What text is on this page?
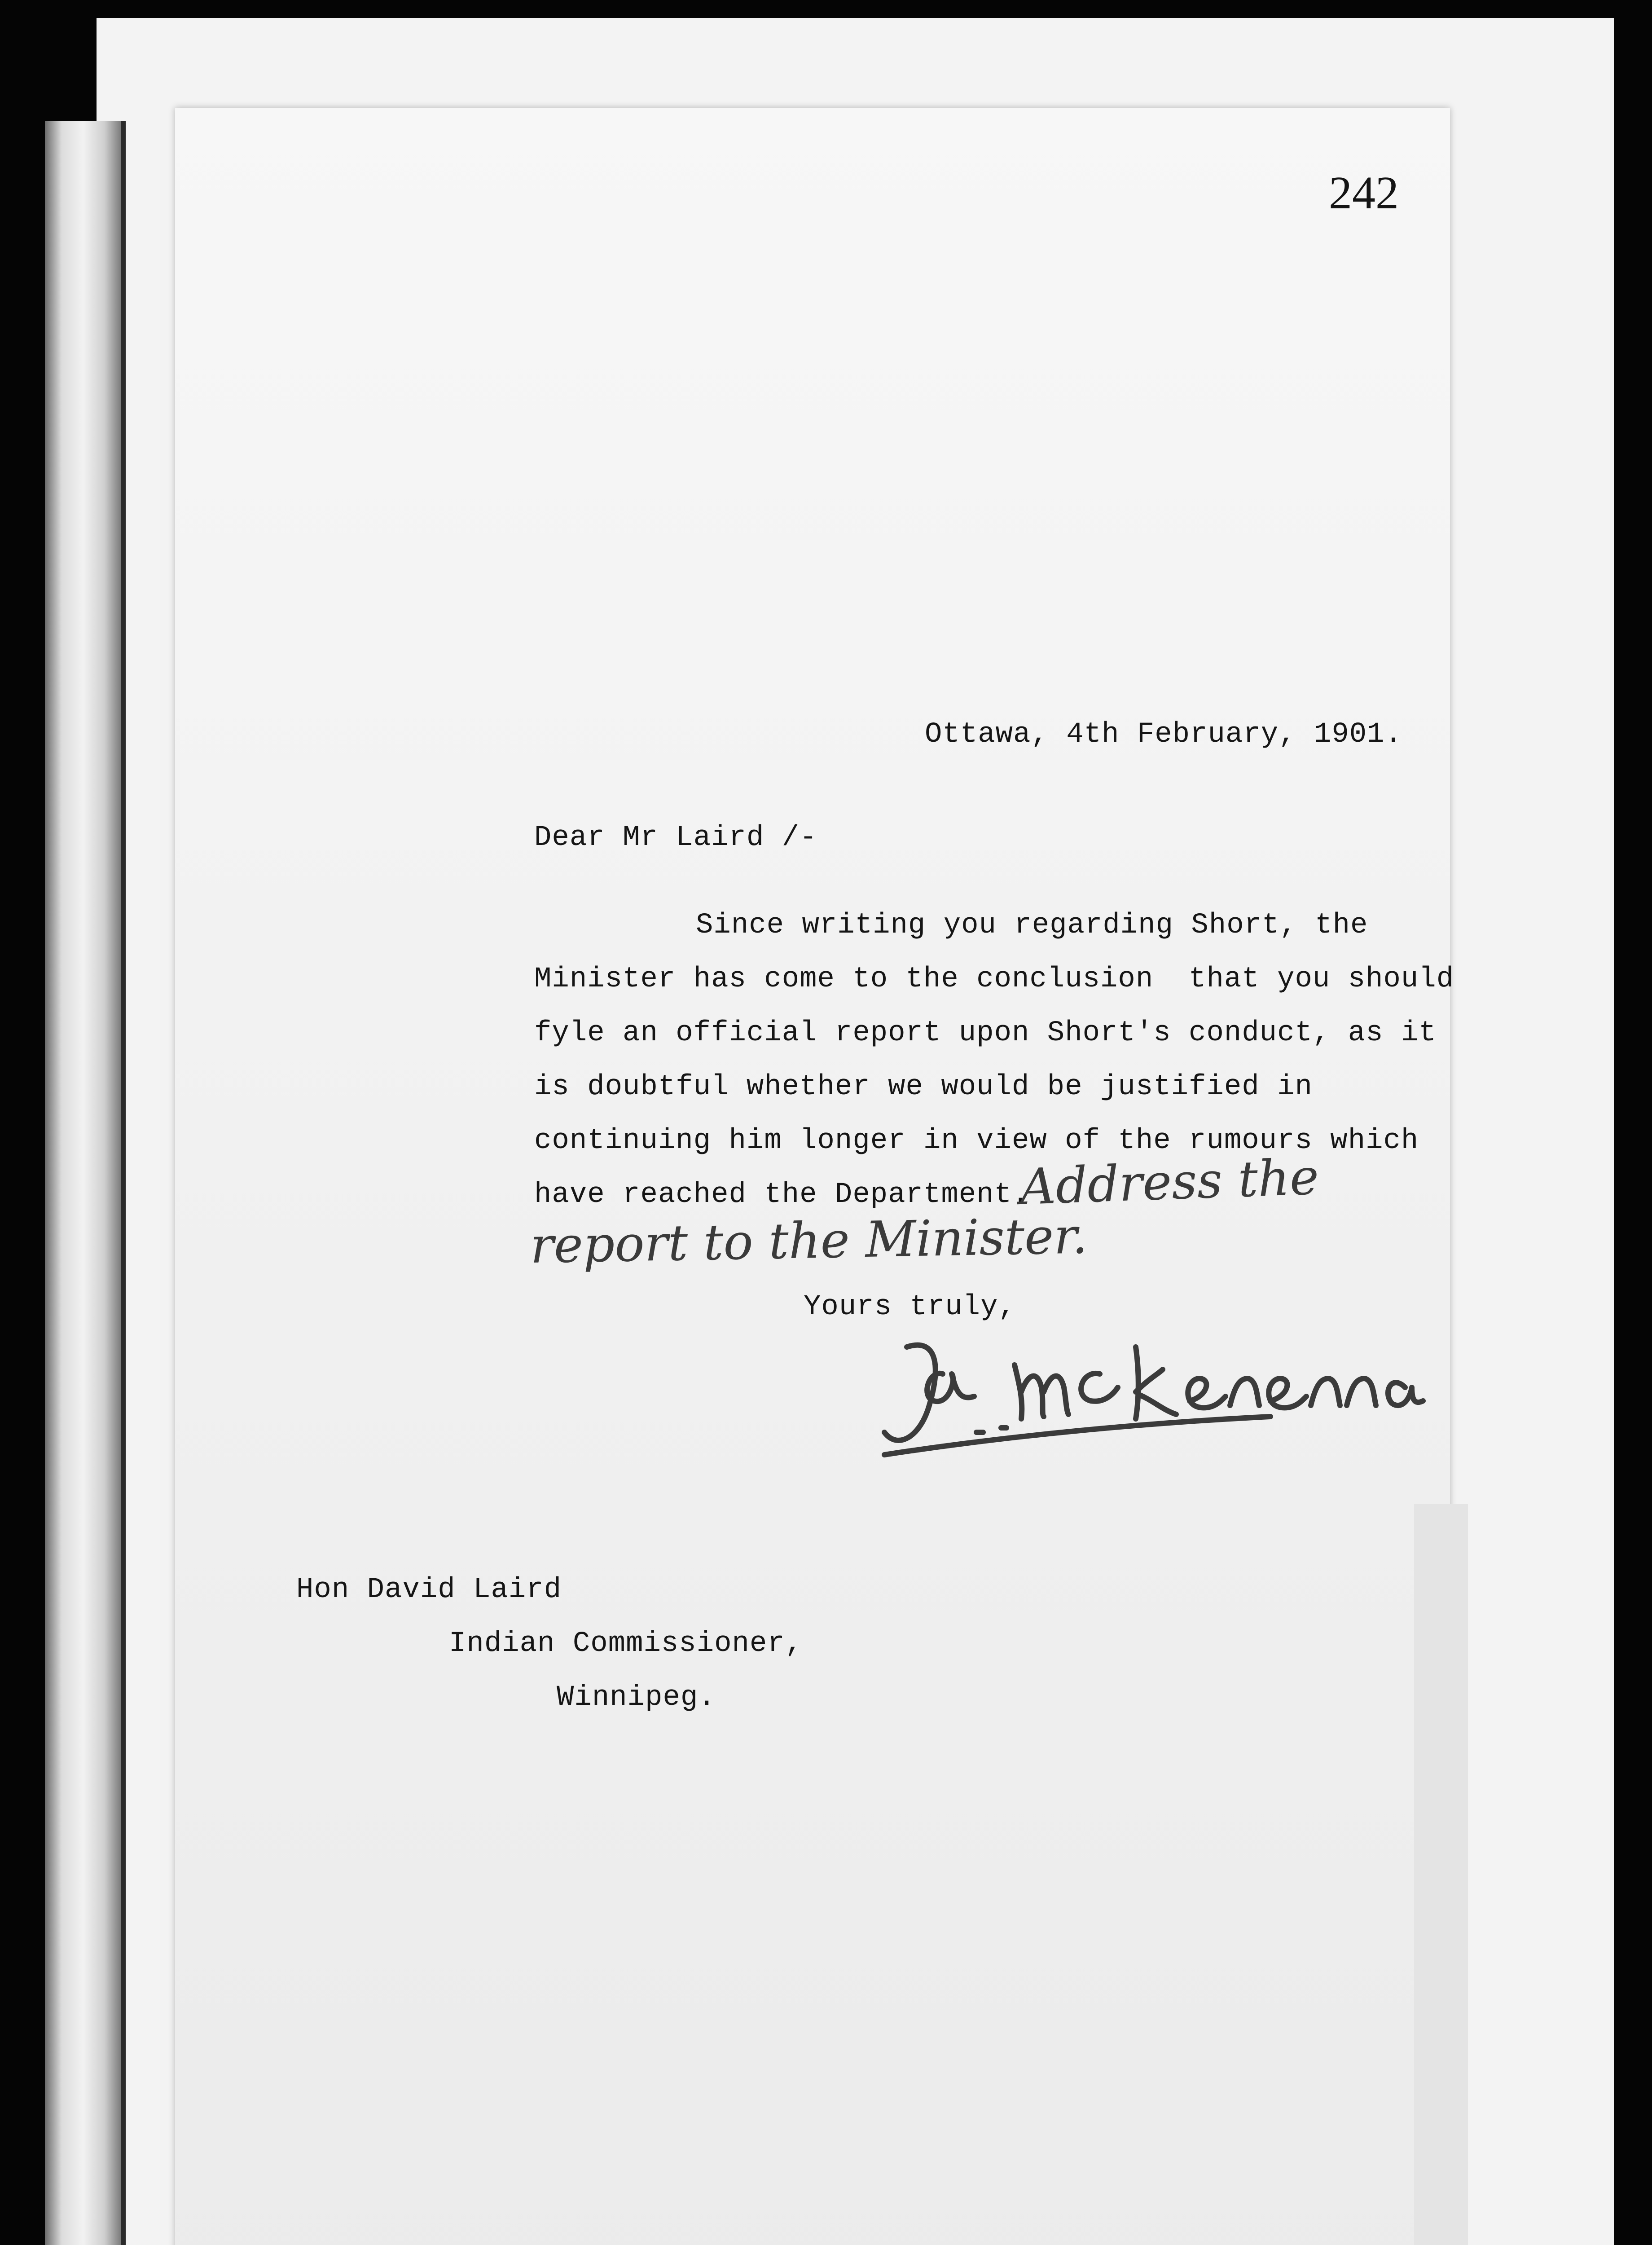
242
Ottawa, 4th February, 1901.
Dear Mr Laird /-
Since writing you regarding Short, the
Minister has come to the conclusion  that you should
fyle an official report upon Short's conduct, as it
is doubtful whether we would be justified in
continuing him longer in view of the rumours which
have reached the Department.
Address the
report to the Minister.
Yours truly,
Hon David Laird
Indian Commissioner,
Winnipeg.
